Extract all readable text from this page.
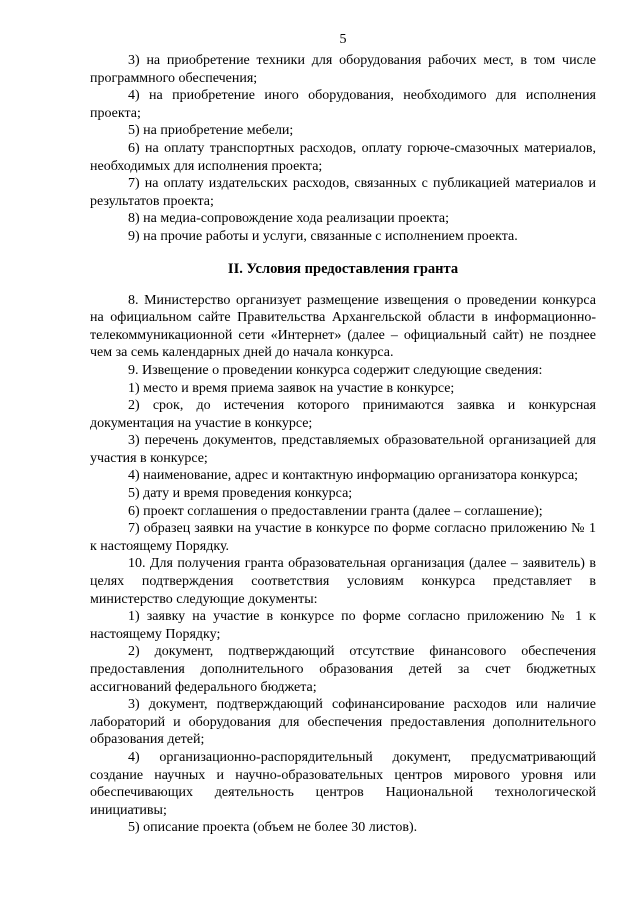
5

3) на приобретение техники для оборудования рабочих мест, в том числе программного обеспечения;

4) на приобретение иного оборудования, необходимого для исполнения проекта;

5) на приобретение мебели;

6) на оплату транспортных расходов, оплату горюче-смазочных материалов, необходимых для исполнения проекта;

7) на оплату издательских расходов, связанных с публикацией материалов и результатов проекта;

8) на медиа-сопровождение хода реализации проекта;

9) на прочие работы и услуги, связанные с исполнением проекта.

II. Условия предоставления гранта

8. Министерство организует размещение извещения о проведении конкурса на официальном сайте Правительства Архангельской области в информационно-телекоммуникационной сети «Интернет» (далее – официальный сайт) не позднее чем за семь календарных дней до начала конкурса.

9. Извещение о проведении конкурса содержит следующие сведения:

1) место и время приема заявок на участие в конкурсе;

2) срок, до истечения которого принимаются заявка и конкурсная документация на участие в конкурсе;

3) перечень документов, представляемых образовательной организацией для участия в конкурсе;

4) наименование, адрес и контактную информацию организатора конкурса;

5) дату и время проведения конкурса;

6) проект соглашения о предоставлении гранта (далее – соглашение);

7) образец заявки на участие в конкурсе по форме согласно приложению № 1 к настоящему Порядку.

10. Для получения гранта образовательная организация (далее – заявитель) в целях подтверждения соответствия условиям конкурса представляет в министерство следующие документы:

1) заявку на участие в конкурсе по форме согласно приложению № 1 к настоящему Порядку;

2) документ, подтверждающий отсутствие финансового обеспечения предоставления дополнительного образования детей за счет бюджетных ассигнований федерального бюджета;

3) документ, подтверждающий софинансирование расходов или наличие лабораторий и оборудования для обеспечения предоставления дополнительного образования детей;

4) организационно-распорядительный документ, предусматривающий создание научных и научно-образовательных центров мирового уровня или обеспечивающих деятельность центров Национальной технологической инициативы;

5) описание проекта (объем не более 30 листов).
